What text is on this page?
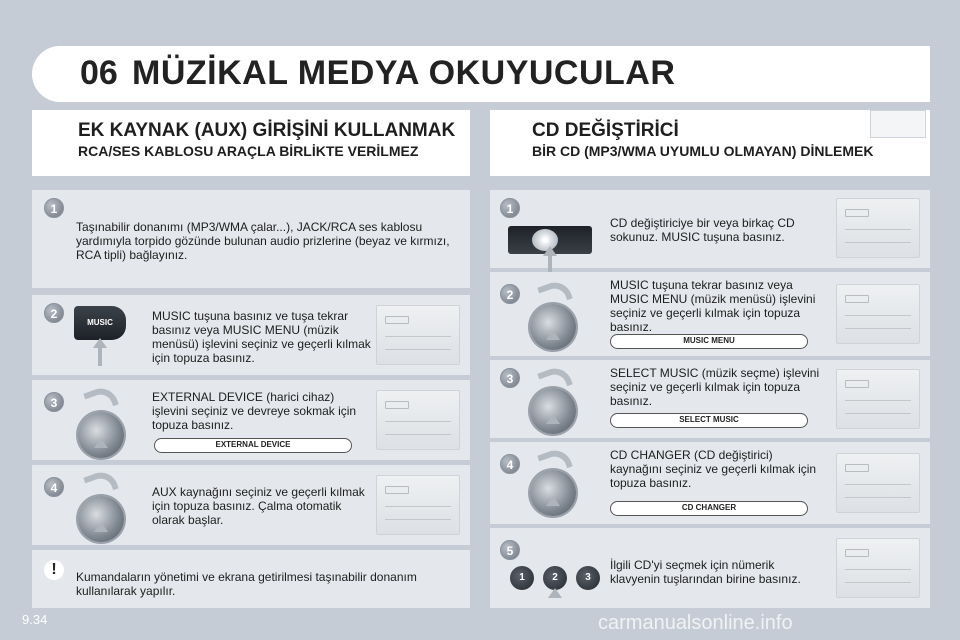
06 MÜZİKAL MEDYA OKUYUCULAR
EK KAYNAK (AUX) GİRİŞİNİ KULLANMAK
RCA/SES KABLOSU ARAÇLA BİRLİKTE VERİLMEZ
CD DEĞİŞTİRİCİ
BİR CD (MP3/WMA UYUMLU OLMAYAN) DİNLEMEK
1
Taşınabilir donanımı (MP3/WMA çalar...), JACK/RCA ses kablosu yardımıyla torpido gözünde bulunan audio prizlerine (beyaz ve kırmızı, RCA tipli) bağlayınız.
2	MUSIC tuşuna basınız ve tuşa tekrar basınız veya MUSIC MENU (müzik menüsü) işlevini seçiniz ve geçerli kılmak için topuza basınız.
MUSIC
3	EXTERNAL DEVICE (harici cihaz) işlevini seçiniz ve devreye sokmak için topuza basınız.
EXTERNAL DEVICE
4	AUX kaynağını seçiniz ve geçerli kılmak için topuza basınız. Çalma otomatik olarak başlar.
!	Kumandaların yönetimi ve ekrana getirilmesi taşınabilir donanım kullanılarak yapılır.
1
CD değiştiriciye bir veya birkaç CD sokunuz. MUSIC tuşuna basınız.
2
MUSIC tuşuna tekrar basınız veya MUSIC MENU (müzik menüsü) işlevini seçiniz ve geçerli kılmak için topuza basınız.
MUSIC MENU
3	SELECT MUSIC (müzik seçme) işlevini seçiniz ve geçerli kılmak için topuza basınız.
SELECT MUSIC
4
CD CHANGER (CD değiştirici) kaynağını seçiniz ve geçerli kılmak için topuza basınız.
CD CHANGER
5
İlgili CD'yi seçmek için nümerik klavyenin tuşlarından birine basınız.
1	2	3
9.34	carmanualsonline.info
